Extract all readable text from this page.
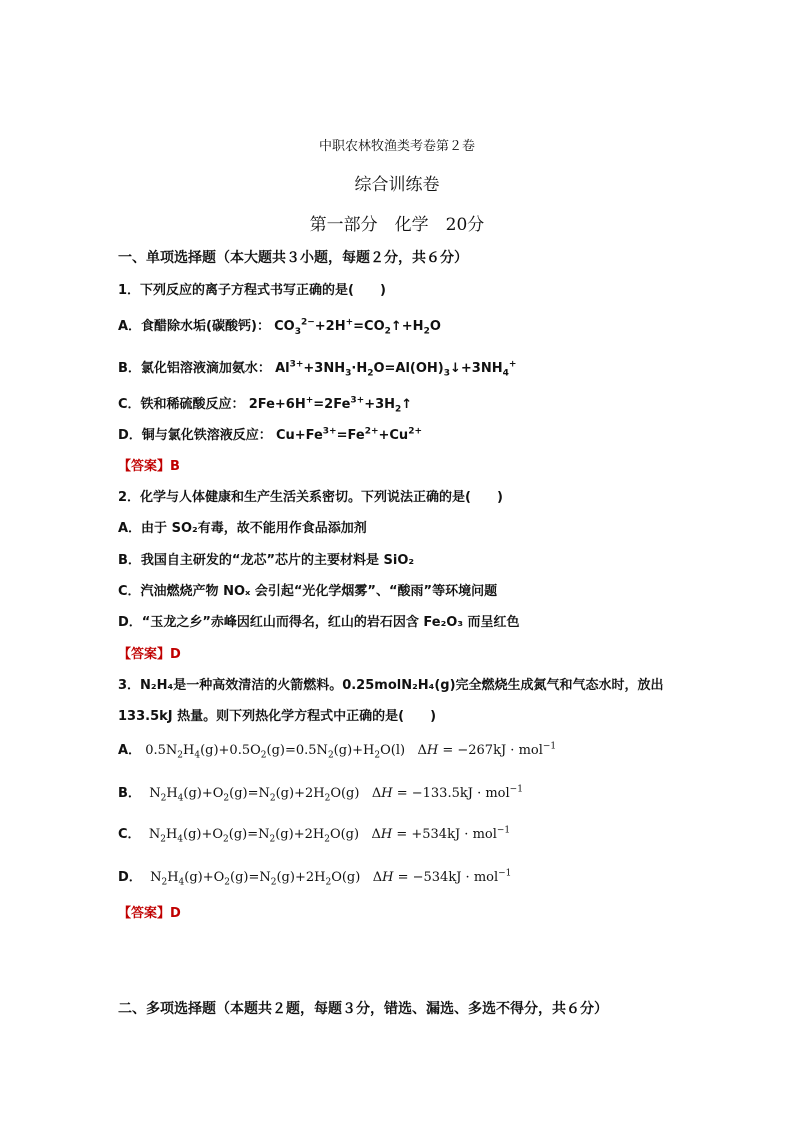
中职农林牧渔类考卷第２卷
综合训练卷
第一部分　化学　20分
一、单项选择题（本大题共３小题，每题２分，共６分）
1．下列反应的离子方程式书写正确的是(　　)
A．食醋除水垢(碳酸钙)： $CO_3^{2-}+2H^+=CO_2↑+H_2O$
B．氯化铝溶液滴加氨水： $Al^{3+}+3NH_3\cdot H_2O=Al(OH)_3↓+3NH_4^+$
C．铁和稀硫酸反应： $2Fe+6H^+=2Fe^{3+}+3H_2↑$
D．铜与氯化铁溶液反应： $Cu+Fe^{3+}=Fe^{2+}+Cu^{2+}$
【答案】B
2．化学与人体健康和生产生活关系密切。下列说法正确的是(　　)
A．由于 SO₂有毒，故不能用作食品添加剂
B．我国自主研发的“龙芯”芯片的主要材料是 SiO₂
C．汽油燃烧产物 NOₓ 会引起“光化学烟雾”、“酸雨”等环境问题
D．“玉龙之乡”赤峰因红山而得名，红山的岩石因含 Fe₂O₃ 而呈红色
【答案】D
3．N₂H₄是一种高效清洁的火箭燃料。0.25molN₂H₄(g)完全燃烧生成氮气和气态水时，放出
133.5kJ 热量。则下列热化学方程式中正确的是(　　)
A． $0.5N_2H_4(g)+0.5O_2(g)=0.5N_2(g)+H_2O(l) \Delta H = -267kJ \cdot mol^{-1}$
B．  $N_2H_4(g)+O_2(g)=N_2(g)+2H_2O(g) \Delta H = -133.5kJ \cdot mol^{-1}$
C．  $N_2H_4(g)+O_2(g)=N_2(g)+2H_2O(g) \Delta H = +534kJ \cdot mol^{-1}$
D．  $N_2H_4(g)+O_2(g)=N_2(g)+2H_2O(g) \Delta H = -534kJ \cdot mol^{-1}$
【答案】D
二、多项选择题（本题共２题，每题３分，错选、漏选、多选不得分，共６分）
